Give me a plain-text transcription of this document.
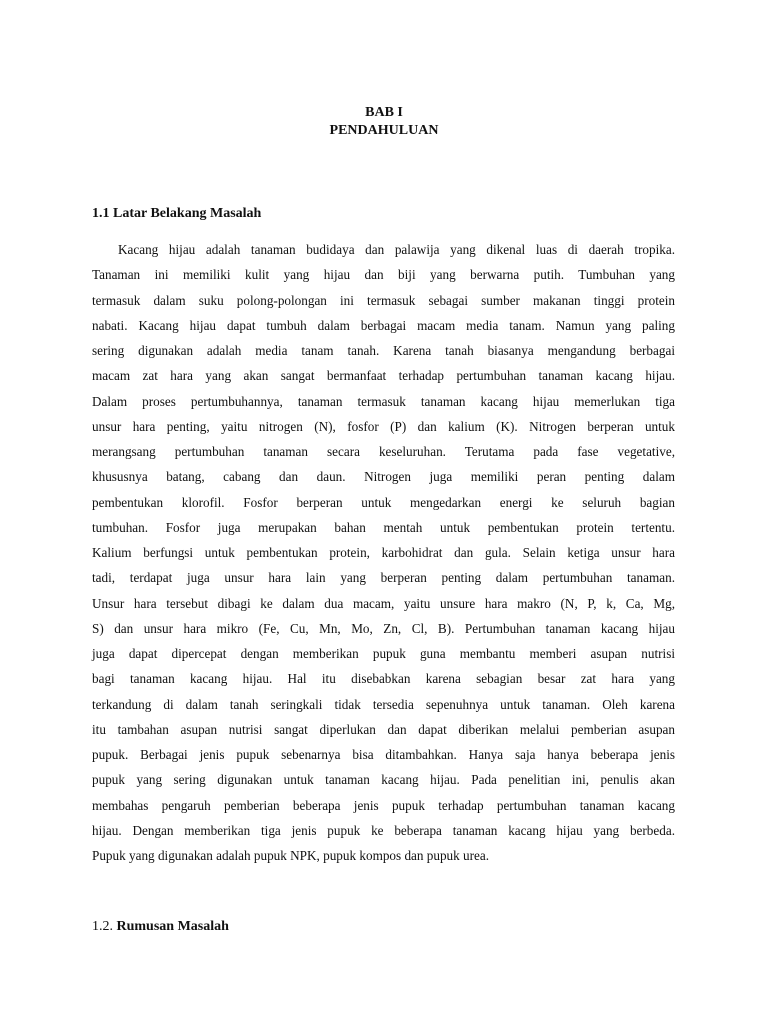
BAB I
PENDAHULUAN
1.1 Latar Belakang Masalah
Kacang hijau adalah tanaman budidaya dan palawija yang dikenal luas di daerah tropika.
Tanaman ini memiliki kulit yang hijau dan biji yang berwarna putih. Tumbuhan yang
termasuk dalam suku polong-polongan ini termasuk sebagai sumber makanan tinggi protein
nabati. Kacang hijau dapat tumbuh dalam berbagai macam media tanam. Namun yang paling
sering digunakan adalah media tanam tanah. Karena tanah biasanya mengandung berbagai
macam zat hara yang akan sangat bermanfaat terhadap pertumbuhan tanaman kacang hijau.
Dalam proses pertumbuhannya, tanaman termasuk tanaman kacang hijau memerlukan tiga
unsur hara penting, yaitu nitrogen (N), fosfor (P) dan kalium (K). Nitrogen berperan untuk
merangsang pertumbuhan tanaman secara keseluruhan. Terutama pada fase vegetative,
khususnya batang, cabang dan daun. Nitrogen juga memiliki peran penting dalam
pembentukan klorofil. Fosfor berperan untuk mengedarkan energi ke seluruh bagian
tumbuhan. Fosfor juga merupakan bahan mentah untuk pembentukan protein tertentu.
Kalium berfungsi untuk pembentukan protein, karbohidrat dan gula. Selain ketiga unsur hara
tadi, terdapat juga unsur hara lain yang berperan penting dalam pertumbuhan tanaman.
Unsur hara tersebut dibagi ke dalam dua macam, yaitu unsure hara makro (N, P, k, Ca, Mg,
S) dan unsur hara mikro (Fe, Cu, Mn, Mo, Zn, Cl, B). Pertumbuhan tanaman kacang hijau
juga dapat dipercepat dengan memberikan pupuk guna membantu memberi asupan nutrisi
bagi tanaman kacang hijau. Hal itu disebabkan karena sebagian besar zat hara yang
terkandung di dalam tanah seringkali tidak tersedia sepenuhnya untuk tanaman. Oleh karena
itu tambahan asupan nutrisi sangat diperlukan dan dapat diberikan melalui pemberian asupan
pupuk. Berbagai jenis pupuk sebenarnya bisa ditambahkan. Hanya saja hanya beberapa jenis
pupuk yang sering digunakan untuk tanaman kacang hijau. Pada penelitian ini, penulis akan
membahas pengaruh pemberian beberapa jenis pupuk terhadap pertumbuhan tanaman kacang
hijau. Dengan memberikan tiga jenis pupuk ke beberapa tanaman kacang hijau yang berbeda.
Pupuk yang digunakan adalah pupuk NPK, pupuk kompos dan pupuk urea.
1.2. Rumusan Masalah
